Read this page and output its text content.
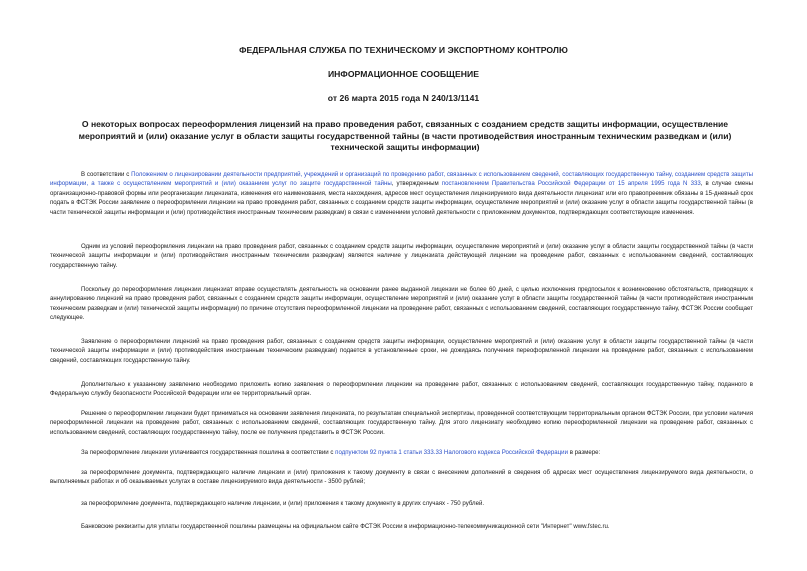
ФЕДЕРАЛЬНАЯ СЛУЖБА ПО ТЕХНИЧЕСКОМУ И ЭКСПОРТНОМУ КОНТРОЛЮ
ИНФОРМАЦИОННОЕ СООБЩЕНИЕ
от 26 марта 2015 года N 240/13/1141
О некоторых вопросах переоформления лицензий на право проведения работ, связанных с созданием средств защиты информации, осуществление мероприятий и (или) оказание услуг в области защиты государственной тайны (в части противодействия иностранным техническим разведкам и (или) технической защиты информации)
В соответствии с Положением о лицензировании деятельности предприятий, учреждений и организаций по проведению работ, связанных с использованием сведений, составляющих государственную тайну, созданием средств защиты информации, а также с осуществлением мероприятий и (или) оказанием услуг по защите государственной тайны, утвержденным постановлением Правительства Российской Федерации от 15 апреля 1995 года N 333, в случае смены организационно-правовой формы или реорганизации лицензиата, изменения его наименования, места нахождения, адресов мест осуществления лицензируемого вида деятельности лицензиат или его правопреемник обязаны в 15-дневный срок подать в ФСТЭК России заявление о переоформлении лицензии на право проведения работ, связанных с созданием средств защиты информации, осуществление мероприятий и (или) оказание услуг в области защиты государственной тайны (в части технической защиты информации и (или) противодействия иностранным техническим разведкам) в связи с изменением условий деятельности с приложением документов, подтверждающих соответствующие изменения.
Одним из условий переоформления лицензии на право проведения работ, связанных с созданием средств защиты информации, осуществление мероприятий и (или) оказание услуг в области защиты государственной тайны (в части технической защиты информации и (или) противодействия иностранным техническим разведкам) является наличие у лицензиата действующей лицензии на проведение работ, связанных с использованием сведений, составляющих государственную тайну.
Поскольку до переоформления лицензии лицензиат вправе осуществлять деятельность на основании ранее выданной лицензии не более 60 дней, с целью исключения предпосылок к возникновению обстоятельств, приводящих к аннулированию лицензий на право проведения работ, связанных с созданием средств защиты информации, осуществление мероприятий и (или) оказание услуг в области защиты государственной тайны (в части противодействия иностранным техническим разведкам и (или) технической защиты информации) по причине отсутствия переоформленной лицензии на проведение работ, связанных с использованием сведений, составляющих государственную тайну, ФСТЭК России сообщает следующее.
Заявление о переоформлении лицензий на право проведения работ, связанных с созданием средств защиты информации, осуществление мероприятий и (или) оказание услуг в области защиты государственной тайны (в части технической защиты информации и (или) противодействия иностранным техническим разведкам) подается в установленные сроки, не дожидаясь получения переоформленной лицензии на проведение работ, связанных с использованием сведений, составляющих государственную тайну.
Дополнительно к указанному заявлению необходимо приложить копию заявления о переоформлении лицензии на проведение работ, связанных с использованием сведений, составляющих государственную тайну, поданного в Федеральную службу безопасности Российской Федерации или ее территориальный орган.
Решение о переоформлении лицензии будет приниматься на основании заявления лицензиата, по результатам специальной экспертизы, проведенной соответствующим территориальным органом ФСТЭК России, при условии наличия переоформленной лицензии на проведение работ, связанных с использованием сведений, составляющих государственную тайну. Для этого лицензиату необходимо копию переоформленной лицензии на проведение работ, связанных с использованием сведений, составляющих государственную тайну, после ее получения представить в ФСТЭК России.
За переоформление лицензии уплачивается государственная пошлина в соответствии с подпунктом 92 пункта 1 статьи 333.33 Налогового кодекса Российской Федерации в размере:
за переоформление документа, подтверждающего наличие лицензии и (или) приложения к такому документу в связи с внесением дополнений в сведения об адресах мест осуществления лицензируемого вида деятельности, о выполняемых работах и об оказываемых услугах в составе лицензируемого вида деятельности - 3500 рублей;
за переоформление документа, подтверждающего наличие лицензии, и (или) приложения к такому документу в других случаях - 750 рублей.
Банковские реквизиты для уплаты государственной пошлины размещены на официальном сайте ФСТЭК России в информационно-телекоммуникационной сети "Интернет" www.fstec.ru.
